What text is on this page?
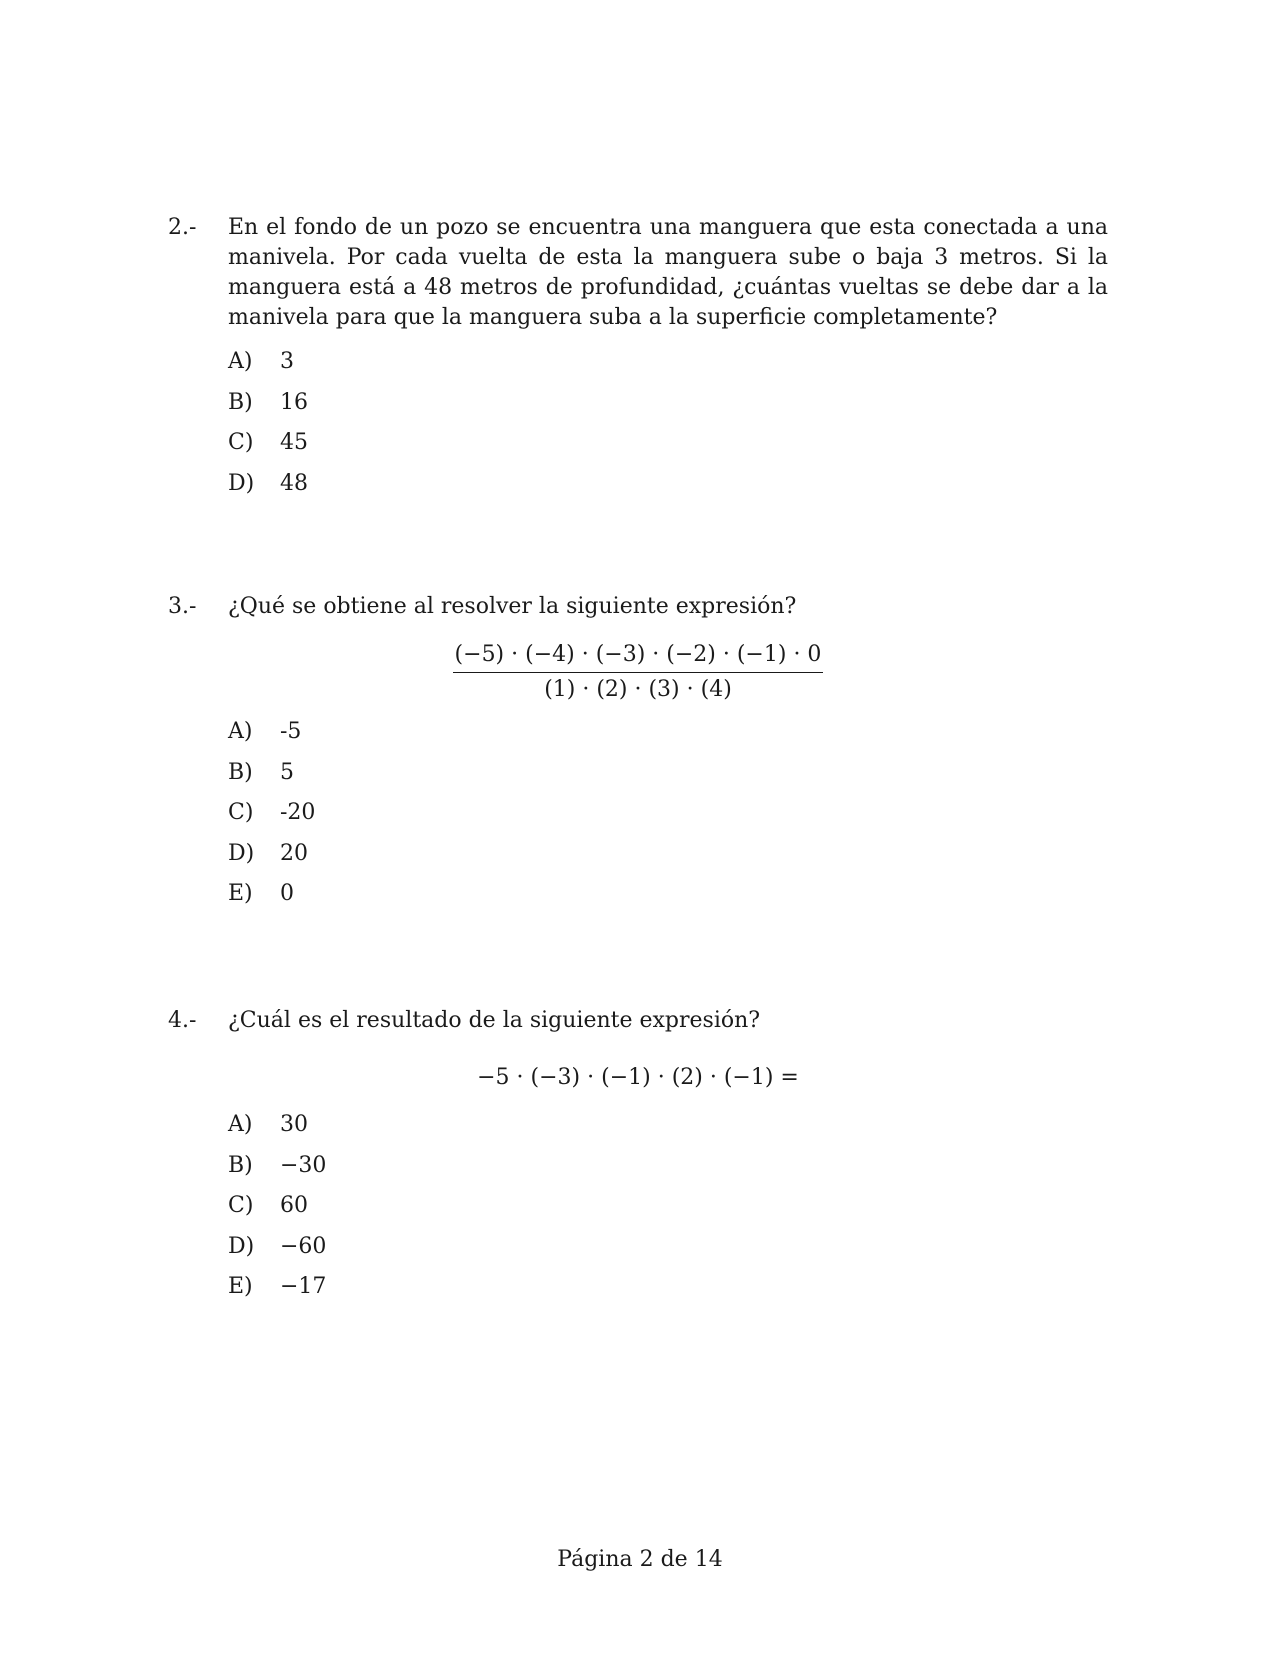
2.- En el fondo de un pozo se encuentra una manguera que esta conectada a una manivela. Por cada vuelta de esta la manguera sube o baja 3 metros. Si la manguera está a 48 metros de profundidad, ¿cuántas vueltas se debe dar a la manivela para que la manguera suba a la superficie completamente?

A)	3
B)	16
C)	45
D)	48
3.- ¿Qué se obtiene al resolver la siguiente expresión?

$\frac{(-5) \cdot (-4) \cdot (-3) \cdot (-2) \cdot (-1) \cdot 0}{(1) \cdot (2) \cdot (3) \cdot (4)}$
A)	-5
B)	5
C)	-20
D)	20
E)	0
4.- ¿Cuál es el resultado de la siguiente expresión?

−5 · (−3) · (−1) · (2) · (−1) =
A)	30
B)	−30
C)	60
D)	−60
E)	−17
Página 2 de 14
